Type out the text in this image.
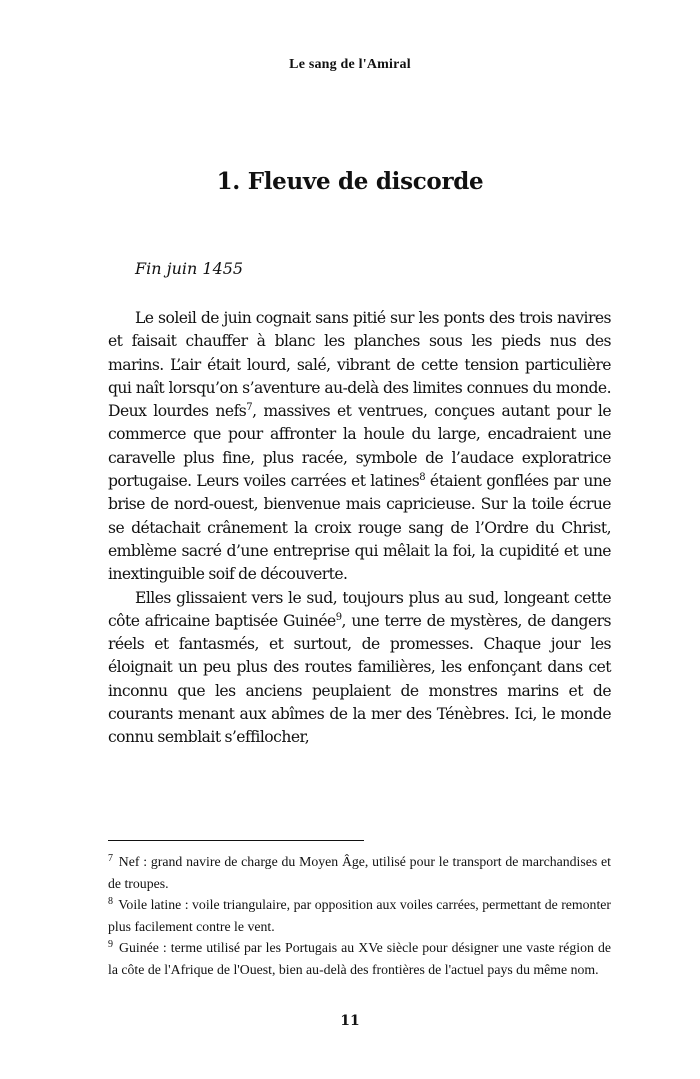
Le sang de l'Amiral
1. Fleuve de discorde
Fin juin 1455

Le soleil de juin cognait sans pitié sur les ponts des trois navires et faisait chauffer à blanc les planches sous les pieds nus des marins. L’air était lourd, salé, vibrant de cette tension particulière qui naît lorsqu’on s’aventure au-delà des limites connues du monde. Deux lourdes nefs$^7$, massives et ventrues, conçues autant pour le commerce que pour affronter la houle du large, encadraient une caravelle plus fine, plus racée, symbole de l’audace exploratrice portugaise. Leurs voiles carrées et latines$^8$ étaient gonflées par une brise de nord-ouest, bienvenue mais capricieuse. Sur la toile écrue se détachait crânement la croix rouge sang de l’Ordre du Christ, emblème sacré d’une entreprise qui mêlait la foi, la cupidité et une inextinguible soif de découverte.

Elles glissaient vers le sud, toujours plus au sud, longeant cette côte africaine baptisée Guinée$^9$, une terre de mystères, de dangers réels et fantasmés, et surtout, de promesses. Chaque jour les éloignait un peu plus des routes familières, les enfonçant dans cet inconnu que les anciens peuplaient de monstres marins et de courants menant aux abîmes de la mer des Ténèbres. Ici, le monde connu semblait s’effilocher,

$^7$ Nef : grand navire de charge du Moyen Âge, utilisé pour le transport de marchandises et de troupes.

$^8$ Voile latine : voile triangulaire, par opposition aux voiles carrées, permettant de remonter plus facilement contre le vent.

$^9$ Guinée : terme utilisé par les Portugais au XVe siècle pour désigner une vaste région de la côte de l'Afrique de l'Ouest, bien au-delà des frontières de l'actuel pays du même nom.

11
